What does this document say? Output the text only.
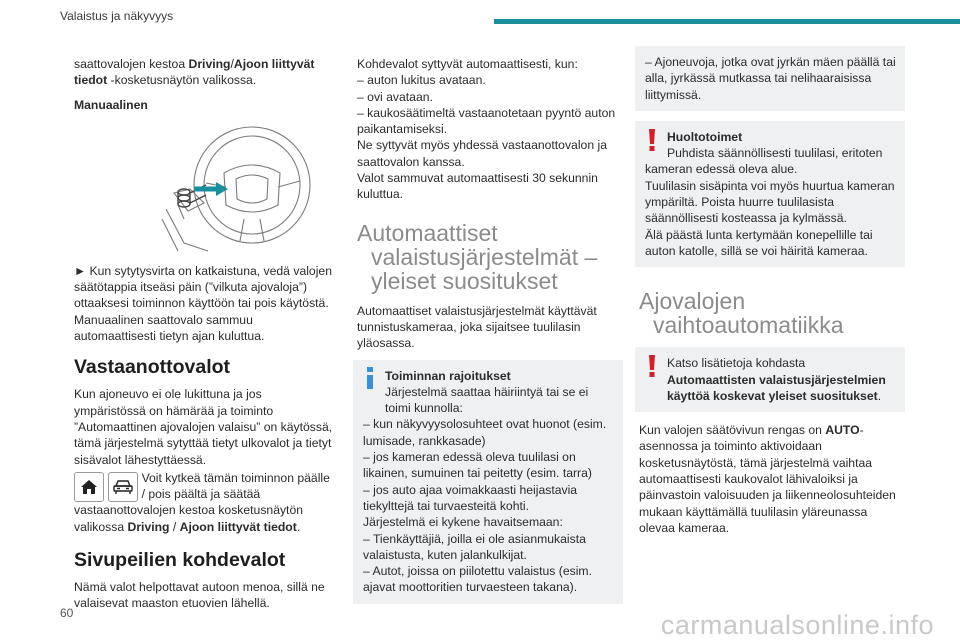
Valaistus ja näkyvyys

saattovalojen kestoa Driving/Ajoon liittyvät tiedot -kosketusnäytön valikossa.

Manuaalinen

► Kun sytytysvirta on katkaistuna, vedä valojen säätötappia itseäsi päin (”vilkuta ajovaloja”) ottaaksesi toiminnon käyttöön tai pois käytöstä. Manuaalinen saattovalo sammuu automaattisesti tietyn ajan kuluttua.

Vastaanottovalot

Kun ajoneuvo ei ole lukittuna ja jos ympäristössä on hämärää ja toiminto ”Automaattinen ajovalojen valaisu” on käytössä, tämä järjestelmä sytyttää tietyt ulkovalot ja tietyt sisävalot lähestyttäessä.

Voit kytkeä tämän toiminnon päälle / pois päältä ja säätää

vastaanottovalojen kestoa kosketusnäytön valikossa Driving / Ajoon liittyvät tiedot.

Sivupeilien kohdevalot

Nämä valot helpottavat autoon menoa, sillä ne valaisevat maaston etuovien lähellä.

Kohdevalot syttyvät automaattisesti, kun:
– auton lukitus avataan.
– ovi avataan.
– kaukosäätimeltä vastaanotetaan pyyntö auton paikantamiseksi.
Ne syttyvät myös yhdessä vastaanottovalon ja saattovalon kanssa.
Valot sammuvat automaattisesti 30 sekunnin kuluttua.
Automaattiset valaistusjärjestelmät – yleiset suositukset

Automaattiset valaistusjärjestelmät käyttävät tunnistuskameraa, joka sijaitsee tuulilasin yläosassa.

Toiminnan rajoitukset
Järjestelmä saattaa häiriintyä tai se ei toimi kunnolla:
– kun näkyvyysolosuhteet ovat huonot (esim. lumisade, rankkasade)
– jos kameran edessä oleva tuulilasi on likainen, sumuinen tai peitetty (esim. tarra)
– jos auto ajaa voimakkaasti heijastavia tiekylttejä tai turvaesteitä kohti.
Järjestelmä ei kykene havaitsemaan:
– Tienkäyttäjiä, joilla ei ole asianmukaista valaistusta, kuten jalankulkijat.
– Autot, joissa on piilotettu valaistus (esim. ajavat moottoritien turvaesteen takana).
– Ajoneuvoja, jotka ovat jyrkän mäen päällä tai alla, jyrkässä mutkassa tai nelihaaraisissa liittymissä.
Huoltotoimet
Puhdista säännöllisesti tuulilasi, eritoten
kameran edessä oleva alue.
Tuulilasin sisäpinta voi myös huurtua kameran ympäriltä. Poista huurre tuulilasista säännöllisesti kosteassa ja kylmässä.
Älä päästä lunta kertymään konepellille tai auton katolle, sillä se voi häiritä kameraa.
Ajovalojen vaihtoautomatiikka
Katso lisätietoja kohdasta Automaattisten valaistusjärjestelmien käyttöä koskevat yleiset suositukset.

Kun valojen säätövivun rengas on AUTO-asennossa ja toiminto aktivoidaan kosketusnäytöstä, tämä järjestelmä vaihtaa automaattisesti kaukovalot lähivaloiksi ja päinvastoin valoisuuden ja liikenneolosuhteiden mukaan käyttämällä tuulilasin yläreunassa olevaa kameraa.

60	carmanualsonline.info
